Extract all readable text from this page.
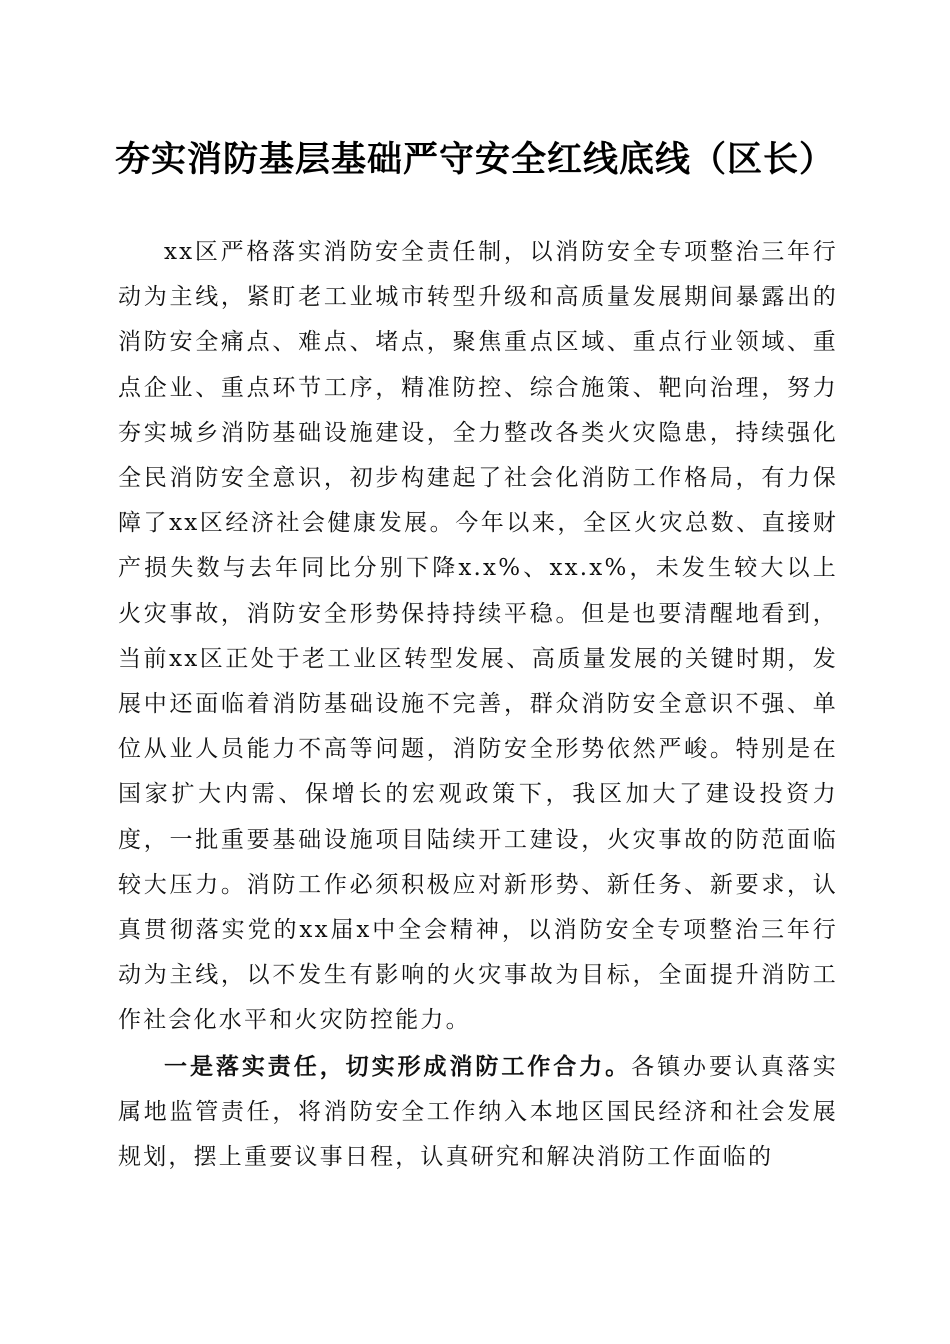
夯实消防基层基础严守安全红线底线（区长）

xx区严格落实消防安全责任制，以消防安全专项整治三年行动为主线，紧盯老工业城市转型升级和高质量发展期间暴露出的消防安全痛点、难点、堵点，聚焦重点区域、重点行业领域、重点企业、重点环节工序，精准防控、综合施策、靶向治理，努力夯实城乡消防基础设施建设，全力整改各类火灾隐患，持续强化全民消防安全意识，初步构建起了社会化消防工作格局，有力保障了xx区经济社会健康发展。今年以来，全区火灾总数、直接财产损失数与去年同比分别下降x.x%、xx.x%，未发生较大以上火灾事故，消防安全形势保持持续平稳。但是也要清醒地看到，当前xx区正处于老工业区转型发展、高质量发展的关键时期，发展中还面临着消防基础设施不完善，群众消防安全意识不强、单位从业人员能力不高等问题，消防安全形势依然严峻。特别是在国家扩大内需、保增长的宏观政策下，我区加大了建设投资力度，一批重要基础设施项目陆续开工建设，火灾事故的防范面临较大压力。消防工作必须积极应对新形势、新任务、新要求，认真贯彻落实党的xx届x中全会精神，以消防安全专项整治三年行动为主线，以不发生有影响的火灾事故为目标，全面提升消防工作社会化水平和火灾防控能力。

一是落实责任，切实形成消防工作合力。各镇办要认真落实属地监管责任，将消防安全工作纳入本地区国民经济和社会发展规划，摆上重要议事日程，认真研究和解决消防工作面临的
